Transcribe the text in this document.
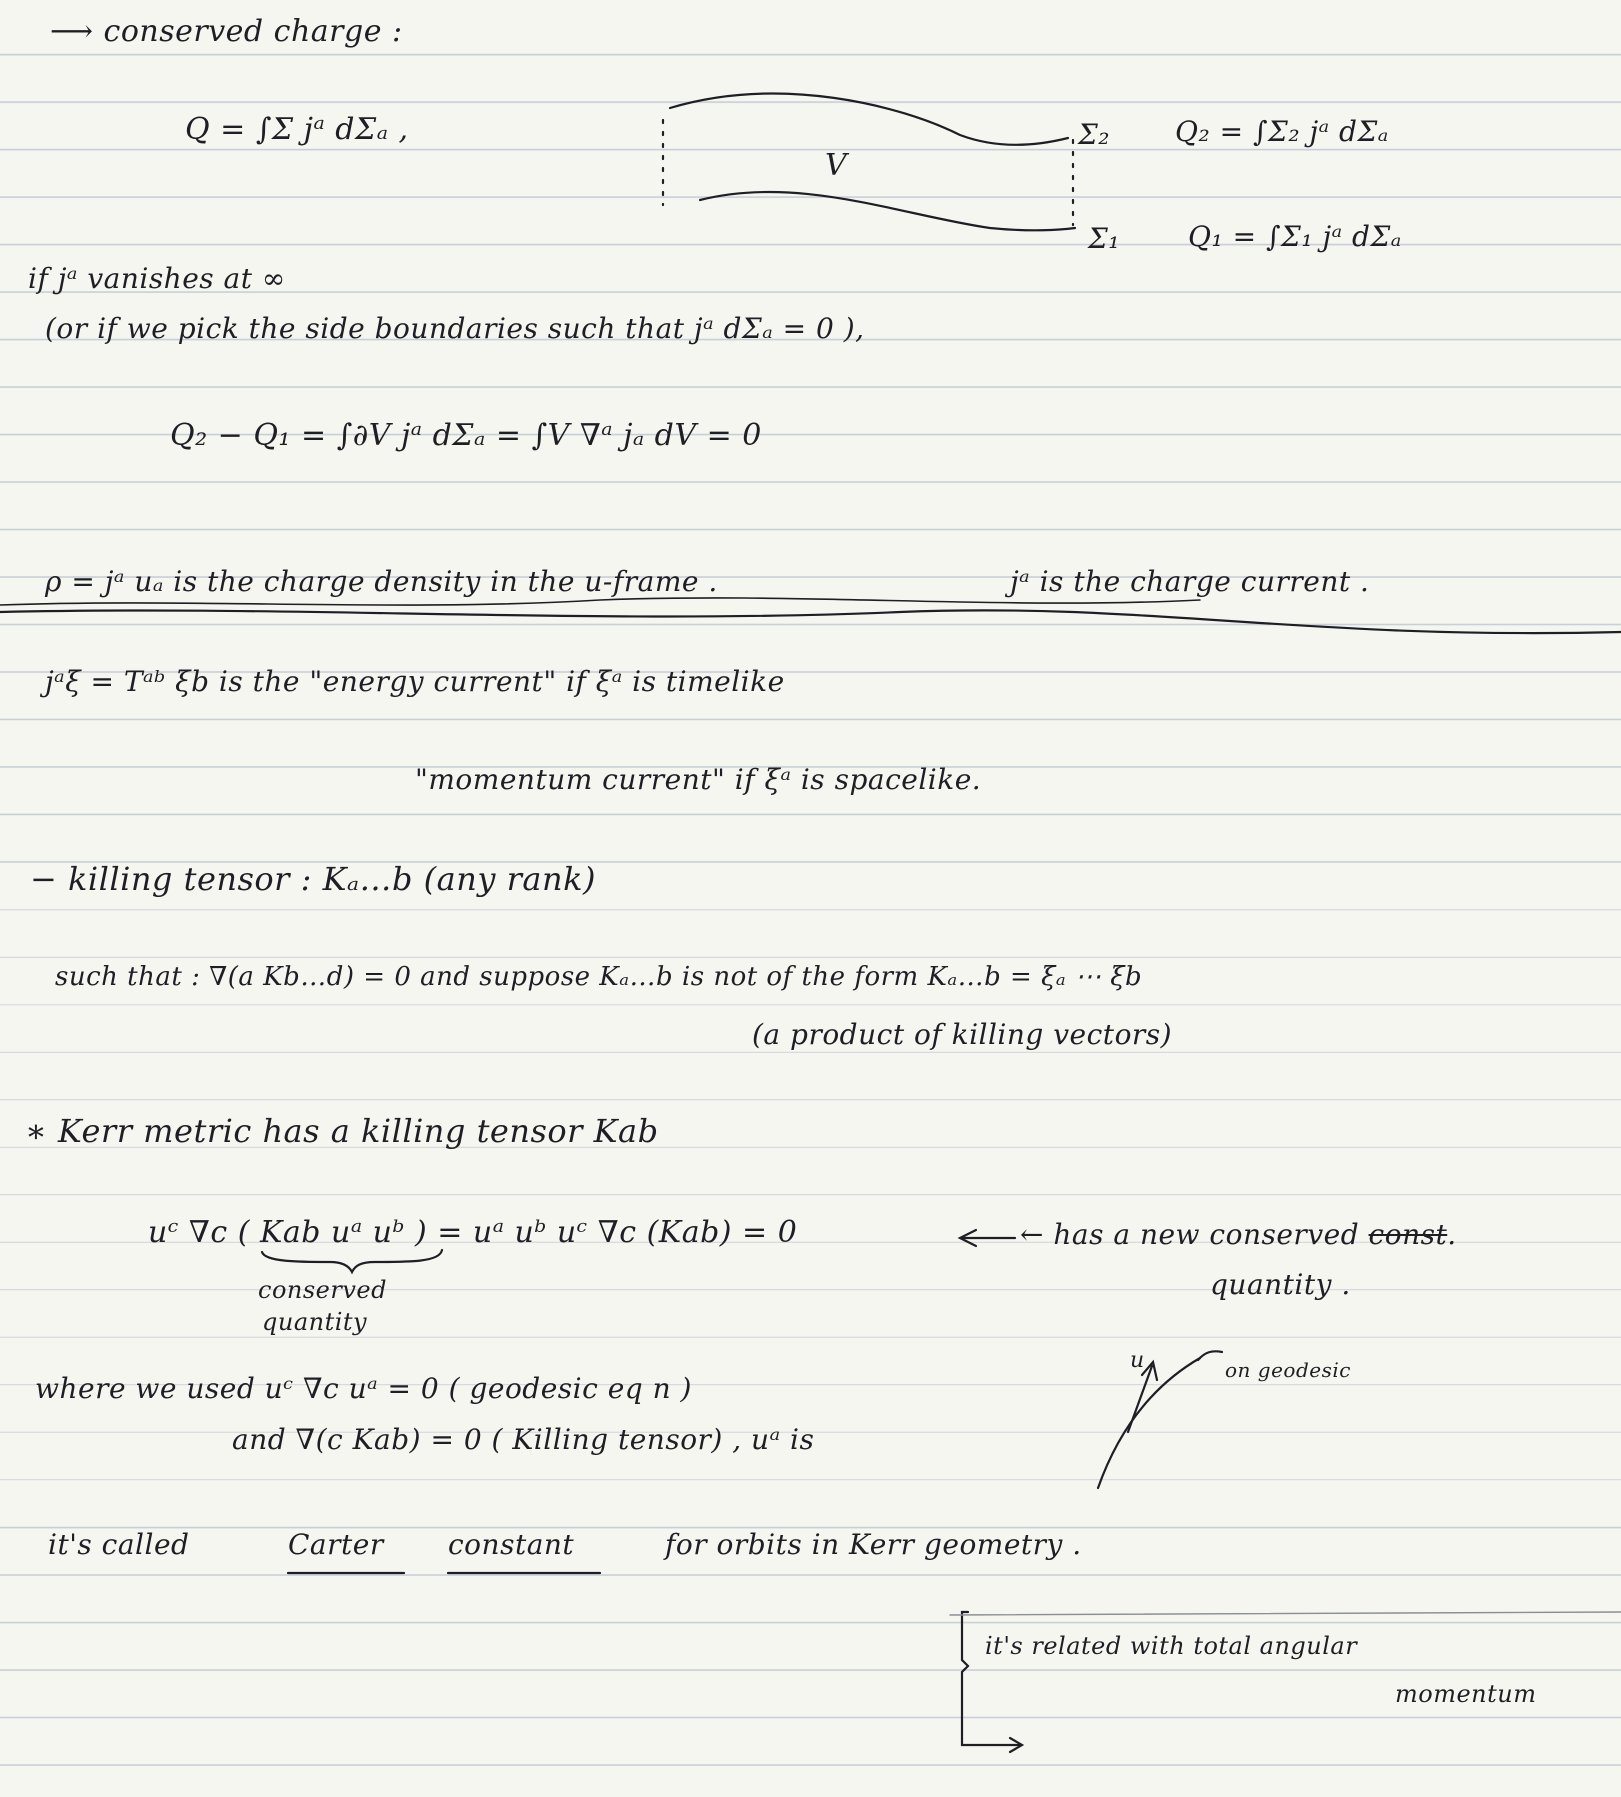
⟶ conserved charge :
Q = ∫Σ jᵃ dΣₐ ,
V
Σ₂
Σ₁
Q₂ = ∫Σ₂ jᵃ dΣₐ
Q₁ = ∫Σ₁ jᵃ dΣₐ
if jᵃ vanishes at ∞
(or if we pick the side boundaries such that jᵃ dΣₐ = 0 ),
Q₂ − Q₁ = ∫∂V jᵃ dΣₐ = ∫V ∇ᵃ jₐ dV = 0
ρ = jᵃ uₐ is the charge density in the u-frame .	jᵃ is the charge current .
jᵃξ = Tᵃᵇ ξb is the "energy current" if ξᵃ is timelike
"momentum current" if ξᵃ is spacelike.
− killing tensor : Kₐ…b (any rank)
such that : ∇(a Kb…d) = 0 and suppose Kₐ…b is not of the form Kₐ…b = ξₐ ⋯ ξb
(a product of killing vectors)
∗ Kerr metric has a killing tensor Kab
uᶜ ∇c ( Kab uᵃ uᵇ ) = uᵃ uᵇ uᶜ ∇c (Kab) = 0	← has a new conserved const.
quantity .
conserved
quantity
where we used uᶜ ∇c uᵃ = 0 ( geodesic eq n )
and ∇(c Kab) = 0 ( Killing tensor) , uᵃ is
u	on geodesic
it's called	Carter constant	for orbits in Kerr geometry .
it's related with total angular
momentum
